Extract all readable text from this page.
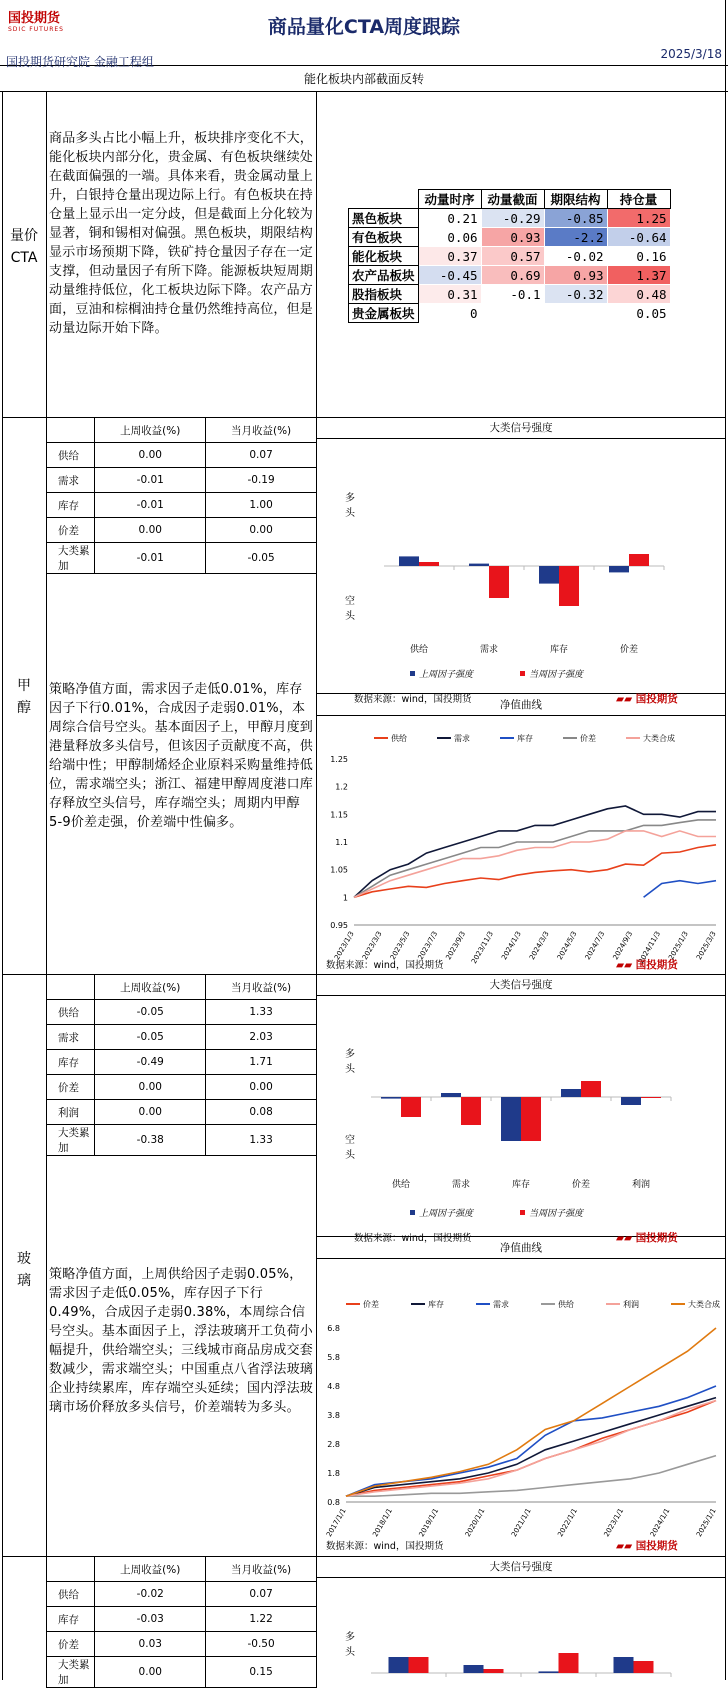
国投期货
SDIC FUTURES	商品量化CTA周度跟踪
国投期货研究院 金融工程组
2025/3/18
能化板块内部截面反转
量价CTA
商品多头占比小幅上升，板块排序变化不大，能化板块内部分化，贵金属、有色板块继续处在截面偏强的一端。具体来看，贵金属动量上升，白银持仓量出现边际上行。有色板块在持仓量上显示出一定分歧，但是截面上分化较为显著，铜和锡相对偏强。黑色板块，期限结构显示市场预期下降，铁矿持仓量因子存在一定支撑，但动量因子有所下降。能源板块短周期动量维持低位，化工板块边际下降。农产品方面，豆油和棕榈油持仓量仍然维持高位，但是动量边际开始下降。
	动量时序	动量截面	期限结构	持仓量
黑色板块	0.21	-0.29	-0.85	1.25
有色板块	0.06	0.93	-2.2	-0.64
能化板块	0.37	0.57	-0.02	0.16
农产品板块	-0.45	0.69	0.93	1.37
股指板块	0.31	-0.1	-0.32	0.48
贵金属板块	0			0.05
甲醇
	上周收益(%)	当月收益(%)
供给	0.00	0.07
需求	-0.01	-0.19
库存	-0.01	1.00
价差	0.00	0.00
大类累加	-0.01	-0.05
策略净值方面，需求因子走低0.01%，库存因子下行0.01%，合成因子走弱0.01%，本周综合信号空头。基本面因子上，甲醇月度到港量释放多头信号，但该因子贡献度不高，供给端中性；甲醇制烯烃企业原料采购量维持低位，需求端空头；浙江、福建甲醇周度港口库存释放空头信号，库存端空头；周期内甲醇5-9价差走强，价差端中性偏多。
大类信号强度
多
头
空
头
供给	需求	库存	价差
上周因子强度	当周因子强度
数据来源：wind，国投期货	▰▰ 国投期货
净值曲线
0.95
1
1.05
1.1
1.15
1.2
1.25
2023/1/3 2023/3/3 2023/5/3 2023/7/3 2023/9/3 2023/11/3 2024/1/3 2024/3/3 2024/5/3 2024/7/3 2024/9/3 2024/11/3 2025/1/3 2025/3/3
供给	需求	库存	价差	大类合成
数据来源：wind，国投期货	▰▰ 国投期货
玻璃
	上周收益(%)	当月收益(%)
供给	-0.05	1.33
需求	-0.05	2.03
库存	-0.49	1.71
价差	0.00	0.00
利润	0.00	0.08
大类累加	-0.38	1.33
策略净值方面，上周供给因子走弱0.05%，需求因子走低0.05%，库存因子下行0.49%，合成因子走弱0.38%，本周综合信号空头。基本面因子上，浮法玻璃开工负荷小幅提升，供给端空头；三线城市商品房成交套数减少，需求端空头；中国重点八省浮法玻璃企业持续累库，库存端空头延续；国内浮法玻璃市场价释放多头信号，价差端转为多头。
大类信号强度
多
头
空
头
供给	需求	库存	价差	利润
上周因子强度	当周因子强度
数据来源：wind，国投期货	▰▰ 国投期货
净值曲线
0.8
1.8
2.8
3.8
4.8
5.8
6.8
2017/1/1	2018/1/1	2019/1/1	2020/1/1	2021/1/1	2022/1/1	2023/1/1	2024/1/1	2025/1/1
价差	库存	需求	供给	利润	大类合成
数据来源：wind，国投期货	▰▰ 国投期货
	上周收益(%)	当月收益(%)
供给	-0.02	0.07
库存	-0.03	1.22
价差	0.03	-0.50
大类累加	0.00	0.15
大类信号强度
多
头
